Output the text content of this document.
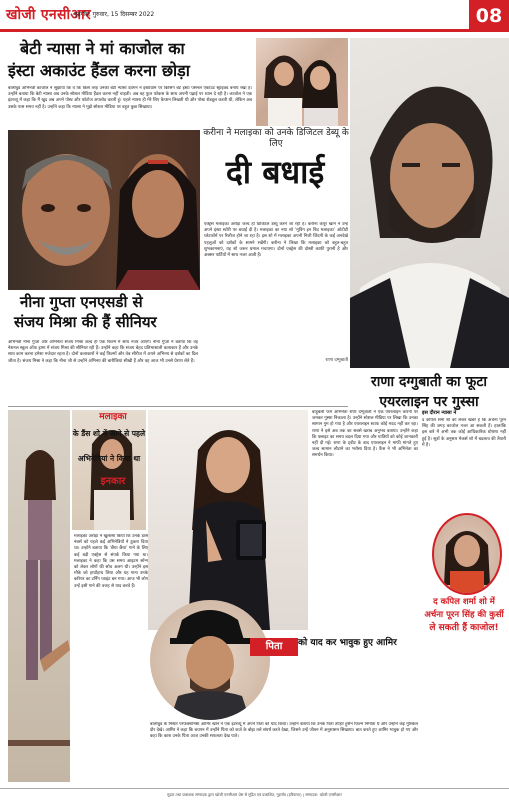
खोजी एनसीआर
गुड़गाँव, गुरुवार, 15 दिसम्बर 2022	08
बेटी न्यासा ने मां काजोल का
इंस्टा अकाउंट हैंडल करना छोड़ा
बॉलीवुड अभिनेत्री काजोल ने सुझाया कि वे कि किस तरह उनकी बेटी न्यासा देवगन ने इंस्टाग्राम पर किसिग बेटे इंस्टा पर्सनल ऐकाउंट स्ट्राइक्ड बनाये रखा है। उन्होंने बताया कि बेटी न्यासा अब उनके सोशल मीडिया हैंडल करना नहीं चाहती। अब वह फुल फोकस के साथ अपनी पढ़ाई पर ध्यान दे रही है। काजोल ने एक इंटरव्यू में कहा कि मैं खुद अब अपने पोस्ट और फोटोज अपलोड करती हूं। पहले न्यासा ही मेरे लिए कैप्शन लिखती थी और पोस्ट शेड्यूल करती थी, लेकिन अब उसके पास समय नहीं है। उन्होंने कहा कि न्यासा ने मुझे सोशल मीडिया पर बहुत कुछ सिखाया।
करीना ने मलाइका को उनके डिजिटल डेब्यू के लिए
दी बधाई
एक्ट्रेस मलाइका अरोड़ा जल्द ही डिजिटल डेब्यू करने जा रही हैं। करीना कपूर खान ने उन्हें अपने इंस्टा स्टोरी पर बधाई दी है। मलाइका का नया शो ‘मूविंग इन विद मलाइका’ ओटीटी प्लेटफॉर्म पर रिलीज होने जा रहा है। इस शो में मलाइका अपनी निजी जिंदगी के कई अनदेखे पहलुओं को दर्शकों के सामने रखेंगी। करीना ने लिखा कि मलाइका को बहुत-बहुत शुभकामनाएं, यह शो जरूर धमाल मचाएगा। दोनों एक्ट्रेस की दोस्ती काफी पुरानी है और अक्सर पार्टियों में साथ नजर आती हैं।
नीना गुप्ता एनएसडी से
संजय मिश्रा की हैं सीनियर
अभिनेत्री नीना गुप्ता और अभिनेता संजय मिश्रा जल्द ही एक फिल्म में साथ नजर आएंगे। नीना गुप्ता ने बताया कि वह नेशनल स्कूल ऑफ ड्रामा में संजय मिश्रा की सीनियर रही हैं। उन्होंने कहा कि संजय बेहद प्रतिभाशाली कलाकार हैं और उनके साथ काम करना हमेशा मजेदार रहता है। दोनों कलाकारों ने कई फिल्मों और वेब सीरीज में अपने अभिनय से दर्शकों का दिल जीता है। संजय मिश्रा ने कहा कि नीना जी से उन्होंने अभिनय की बारीकियां सीखी हैं और वह आज भी उनसे प्रेरणा लेते हैं।	राणा दग्गुबाती
राणा दग्गुबाती का फूटा
एयरलाइन पर गुस्सा
मलाइका
के डैंस शो में आने से पहले
अभिनेत्रियां ने किया था
इनकार
मलाइका अरोड़ा ने खुलासा किया कि उनके डांस नंबर्स को पहले कई अभिनेत्रियों ने ठुकरा दिया था। उन्होंने बताया कि ‘छैंया छैंया’ गाने के लिए कई बड़ी एक्ट्रेस से संपर्क किया गया था। मलाइका ने कहा कि उस समय आइटम सॉन्ग को लेकर लोगों की सोच अलग थी। उन्होंने इस मौके को हाथोंहाथ लिया और यह गाना उनके करियर का टर्निंग प्वाइंट बन गया। आज भी लोग उन्हें इसी गाने की वजह से याद करते हैं।
बाहुबली फेम अभिनेता राणा दग्गुबाती ने एक एयरलाइन कंपनी पर जमकर गुस्सा निकाला है। उन्होंने सोशल मीडिया पर लिखा कि उनका सामान गुम हो गया है और एयरलाइन स्टाफ कोई मदद नहीं कर रहा। राणा ने इसे अब तक का सबसे खराब अनुभव बताया। उन्होंने कहा कि फ्लाइट का समय बदल दिया गया और यात्रियों को कोई जानकारी नहीं दी गई। राणा के ट्वीट के बाद एयरलाइन ने माफी मांगते हुए जल्द सामान लौटाने का भरोसा दिया है। फैंस ने भी अभिनेता का समर्थन किया।
इस दौरान न्यासा ने
द कपिल शर्मा शो को लेकर खबरें हैं कि अर्चना पूरन सिंह की जगह काजोल नजर आ सकती हैं। हालांकि इस बारे में अभी तक कोई आधिकारिक घोषणा नहीं हुई है। सूत्रों के अनुसार मेकर्स शो में बदलाव की तैयारी में हैं।
द कपिल शर्मा शो में
अर्चना पूरन सिंह की कुर्सी
ले सकती हैं काजोल!
पिता	को याद कर भावुक हुए आमिर
बॉलीवुड के मिस्टर परफेक्शनिस्ट आमिर खान ने एक इंटरव्यू में अपने पिता को याद किया। उन्होंने बताया कि उनके पिता ताहिर हुसैन फिल्म निर्माता थे और उन्होंने कई मुश्किल दौर देखे। आमिर ने कहा कि बचपन में उन्होंने पिता को कर्ज के बोझ तले संघर्ष करते देखा, जिसने उन्हें जीवन में अनुशासन सिखाया। बात करते हुए आमिर भावुक हो गए और कहा कि काश उनके पिता आज उनकी सफलता देख पाते।
मुद्रक तथा प्रकाशक सम्पादक द्वारा खोजी एनसीआर प्रेस से मुद्रित एवं प्रकाशित, गुड़गाँव (हरियाणा) | सम्पादक: खोजी एनसीआर
